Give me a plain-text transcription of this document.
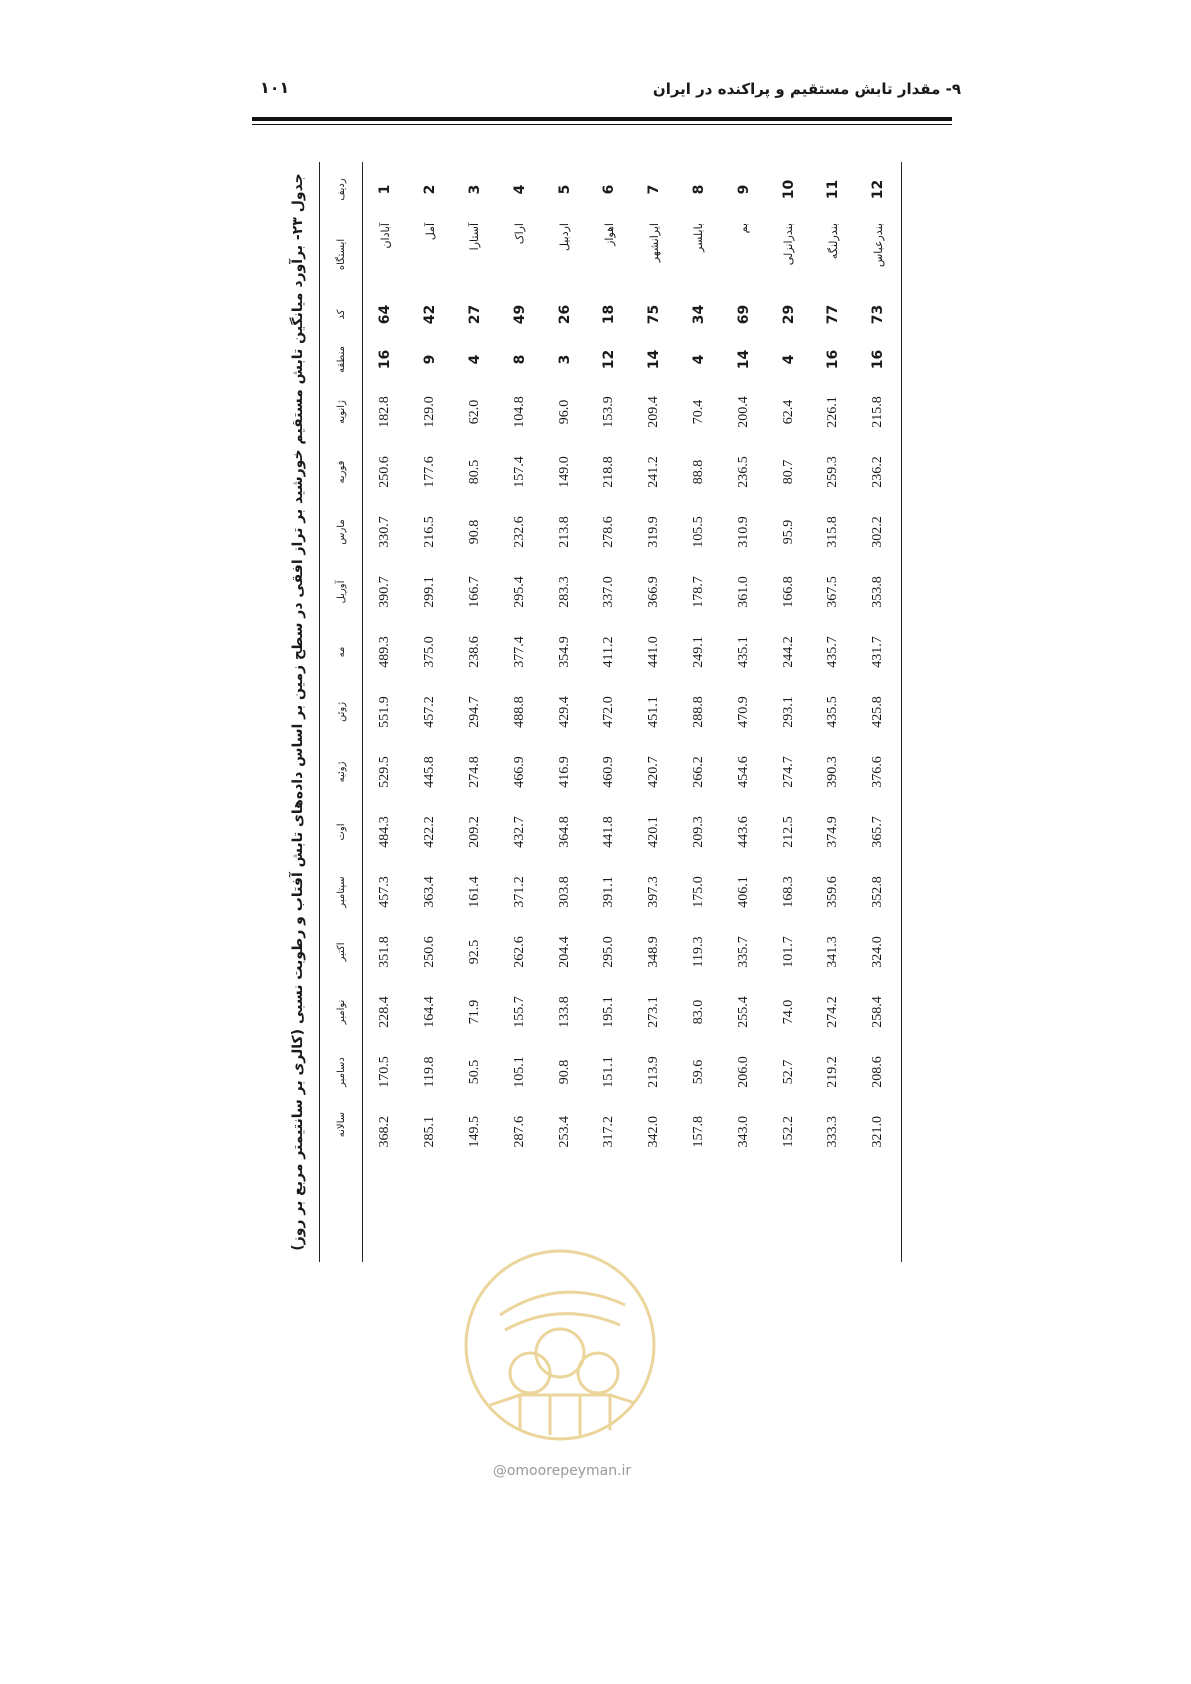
۹- مقدار تابش مستقیم و پراکنده در ایران
۱۰۱
جدول ۲۳- برآورد میانگین تابش مستقیم خورشید بر تراز افقی در سطح زمین بر اساس داده‌های تابش آفتاب و رطوبت نسبی (کالری بر سانتیمتر مربع بر روز)	ردیف	ایستگاه	کد	منطقه	ژانویه	فوریه	مارس	آوریل	مه	ژوئن	ژوئیه	اوت	سپتامبر	اکتبر	نوامبر	دسامبر	سالانه
1	آبادان	64	16	182.8	250.6	330.7	390.7	489.3	551.9	529.5	484.3	457.3	351.8	228.4	170.5	368.2
2	آمل	42	9	129.0	177.6	216.5	299.1	375.0	457.2	445.8	422.2	363.4	250.6	164.4	119.8	285.1
3	آستارا	27	4	62.0	80.5	90.8	166.7	238.6	294.7	274.8	209.2	161.4	92.5	71.9	50.5	149.5
4	اراک	49	8	104.8	157.4	232.6	295.4	377.4	488.8	466.9	432.7	371.2	262.6	155.7	105.1	287.6
5	اردبیل	26	3	96.0	149.0	213.8	283.3	354.9	429.4	416.9	364.8	303.8	204.4	133.8	90.8	253.4
6	اهواز	18	12	153.9	218.8	278.6	337.0	411.2	472.0	460.9	441.8	391.1	295.0	195.1	151.1	317.2
7	ایرانشهر	75	14	209.4	241.2	319.9	366.9	441.0	451.1	420.7	420.1	397.3	348.9	273.1	213.9	342.0
8	بابلسر	34	4	70.4	88.8	105.5	178.7	249.1	288.8	266.2	209.3	175.0	119.3	83.0	59.6	157.8
9	بم	69	14	200.4	236.5	310.9	361.0	435.1	470.9	454.6	443.6	406.1	335.7	255.4	206.0	343.0
10	بندرانزلی	29	4	62.4	80.7	95.9	166.8	244.2	293.1	274.7	212.5	168.3	101.7	74.0	52.7	152.2
11	بندرلنگه	77	16	226.1	259.3	315.8	367.5	435.7	435.5	390.3	374.9	359.6	341.3	274.2	219.2	333.3
12	بندرعباس	73	16	215.8	236.2	302.2	353.8	431.7	425.8	376.6	365.7	352.8	324.0	258.4	208.6	321.0
@omoorepeyman.ir
